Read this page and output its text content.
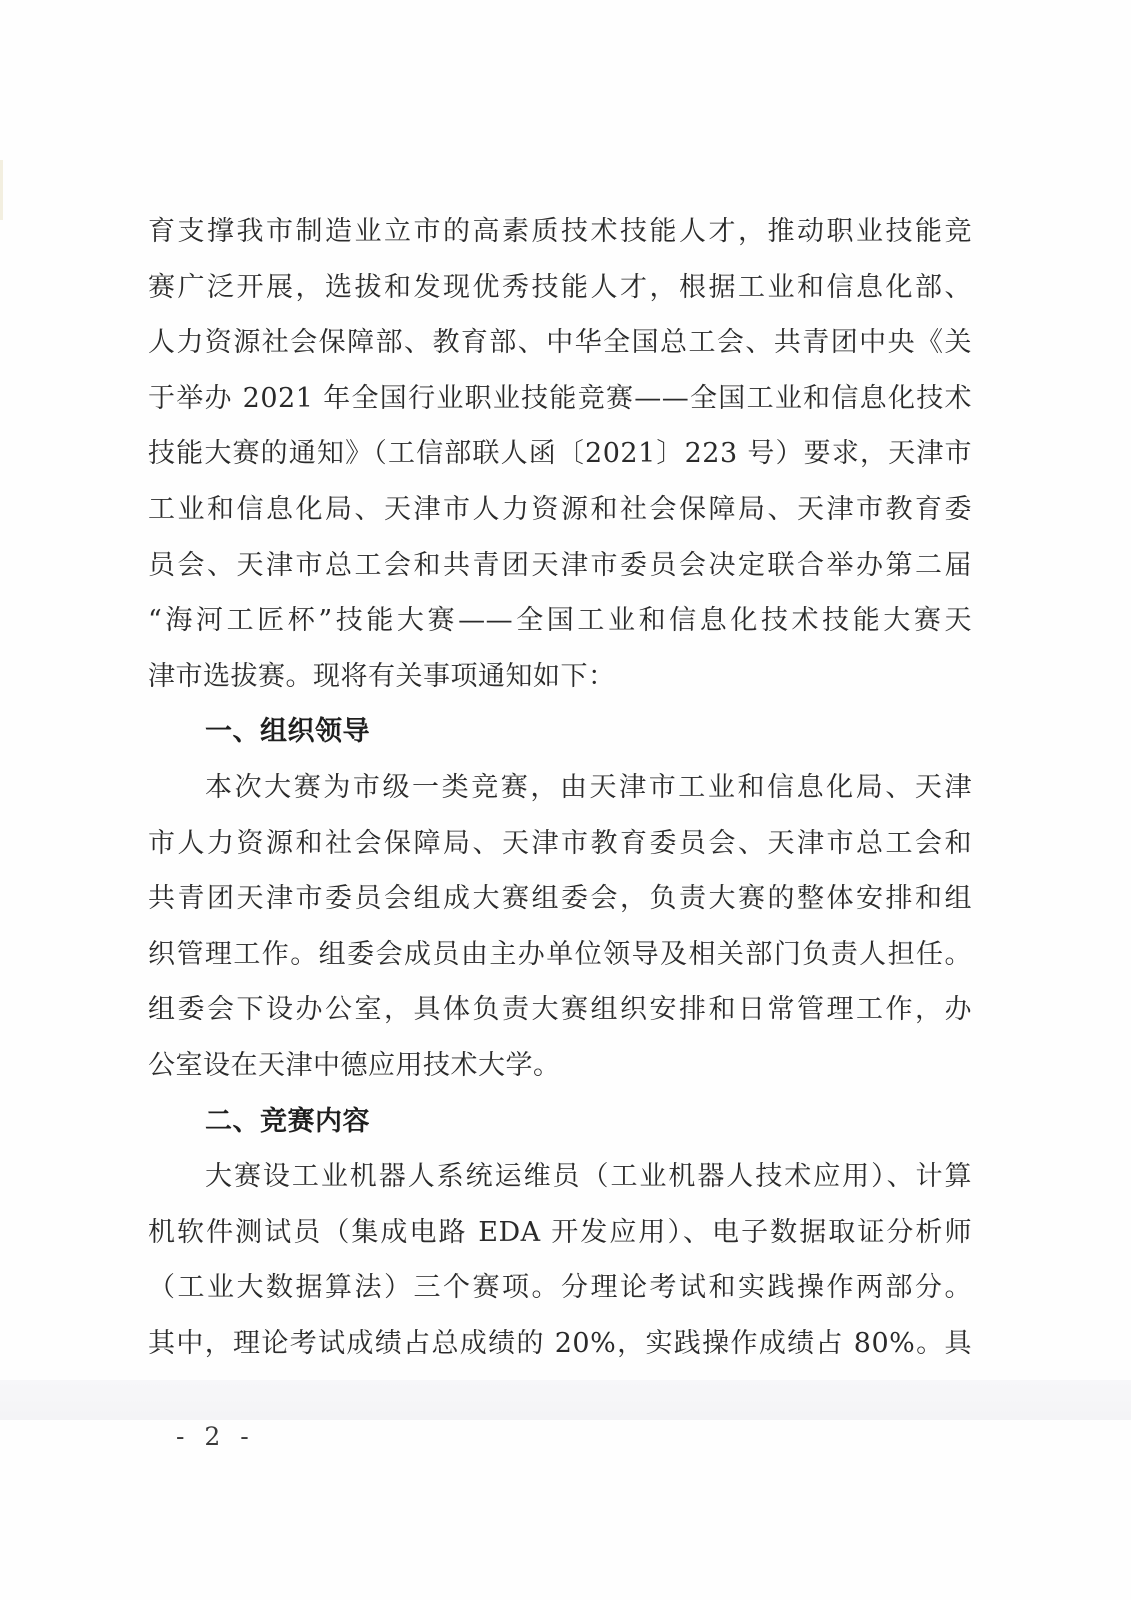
育支撑我市制造业立市的高素质技术技能人才，推动职业技能竞
赛广泛开展，选拔和发现优秀技能人才，根据工业和信息化部、
人力资源社会保障部、教育部、中华全国总工会、共青团中央《关
于举办 2021 年全国行业职业技能竞赛——全国工业和信息化技术
技能大赛的通知》（工信部联人函〔2021〕223 号）要求，天津市
工业和信息化局、天津市人力资源和社会保障局、天津市教育委
员会、天津市总工会和共青团天津市委员会决定联合举办第二届
“海河工匠杯”技能大赛——全国工业和信息化技术技能大赛天
津市选拔赛。现将有关事项通知如下：
一、组织领导
本次大赛为市级一类竞赛，由天津市工业和信息化局、天津
市人力资源和社会保障局、天津市教育委员会、天津市总工会和
共青团天津市委员会组成大赛组委会，负责大赛的整体安排和组
织管理工作。组委会成员由主办单位领导及相关部门负责人担任。
组委会下设办公室，具体负责大赛组织安排和日常管理工作，办
公室设在天津中德应用技术大学。
二、竞赛内容
大赛设工业机器人系统运维员（工业机器人技术应用）、计算
机软件测试员（集成电路 EDA 开发应用）、电子数据取证分析师
（工业大数据算法）三个赛项。分理论考试和实践操作两部分。
其中，理论考试成绩占总成绩的 20%，实践操作成绩占 80%。具
- 2 -
